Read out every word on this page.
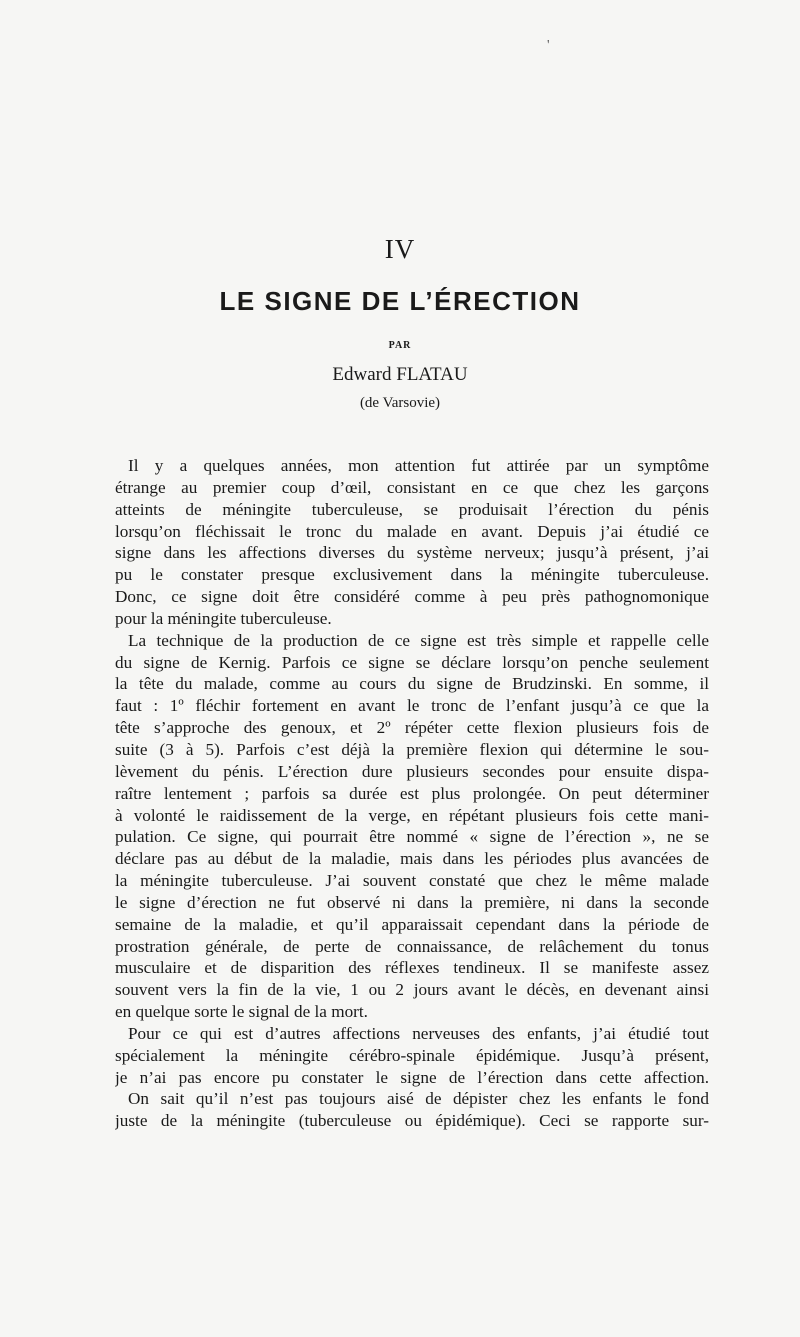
'
IV
LE SIGNE DE L’ÉRECTION
PAR
Edward FLATAU
(de Varsovie)
Il y a quelques années, mon attention fut attirée par un symptôme
étrange au premier coup d’œil, consistant en ce que chez les garçons
atteints de méningite tuberculeuse, se produisait l’érection du pénis
lorsqu’on fléchissait le tronc du malade en avant. Depuis j’ai étudié ce
signe dans les affections diverses du système nerveux; jusqu’à présent, j’ai
pu le constater presque exclusivement dans la méningite tuberculeuse.
Donc, ce signe doit être considéré comme à peu près pathognomonique
pour la méningite tuberculeuse.
La technique de la production de ce signe est très simple et rappelle celle
du signe de Kernig. Parfois ce signe se déclare lorsqu’on penche seulement
la tête du malade, comme au cours du signe de Brudzinski. En somme, il
faut : 1º fléchir fortement en avant le tronc de l’enfant jusqu’à ce que la
tête s’approche des genoux, et 2º répéter cette flexion plusieurs fois de
suite (3 à 5). Parfois c’est déjà la première flexion qui détermine le sou-
lèvement du pénis. L’érection dure plusieurs secondes pour ensuite dispa-
raître lentement ; parfois sa durée est plus prolongée. On peut déterminer
à volonté le raidissement de la verge, en répétant plusieurs fois cette mani-
pulation. Ce signe, qui pourrait être nommé « signe de l’érection », ne se
déclare pas au début de la maladie, mais dans les périodes plus avancées de
la méningite tuberculeuse. J’ai souvent constaté que chez le même malade
le signe d’érection ne fut observé ni dans la première, ni dans la seconde
semaine de la maladie, et qu’il apparaissait cependant dans la période de
prostration générale, de perte de connaissance, de relâchement du tonus
musculaire et de disparition des réflexes tendineux. Il se manifeste assez
souvent vers la fin de la vie, 1 ou 2 jours avant le décès, en devenant ainsi
en quelque sorte le signal de la mort.
Pour ce qui est d’autres affections nerveuses des enfants, j’ai étudié tout
spécialement la méningite cérébro-spinale épidémique. Jusqu’à présent,
je n’ai pas encore pu constater le signe de l’érection dans cette affection.
On sait qu’il n’est pas toujours aisé de dépister chez les enfants le fond
juste de la méningite (tuberculeuse ou épidémique). Ceci se rapporte sur-
